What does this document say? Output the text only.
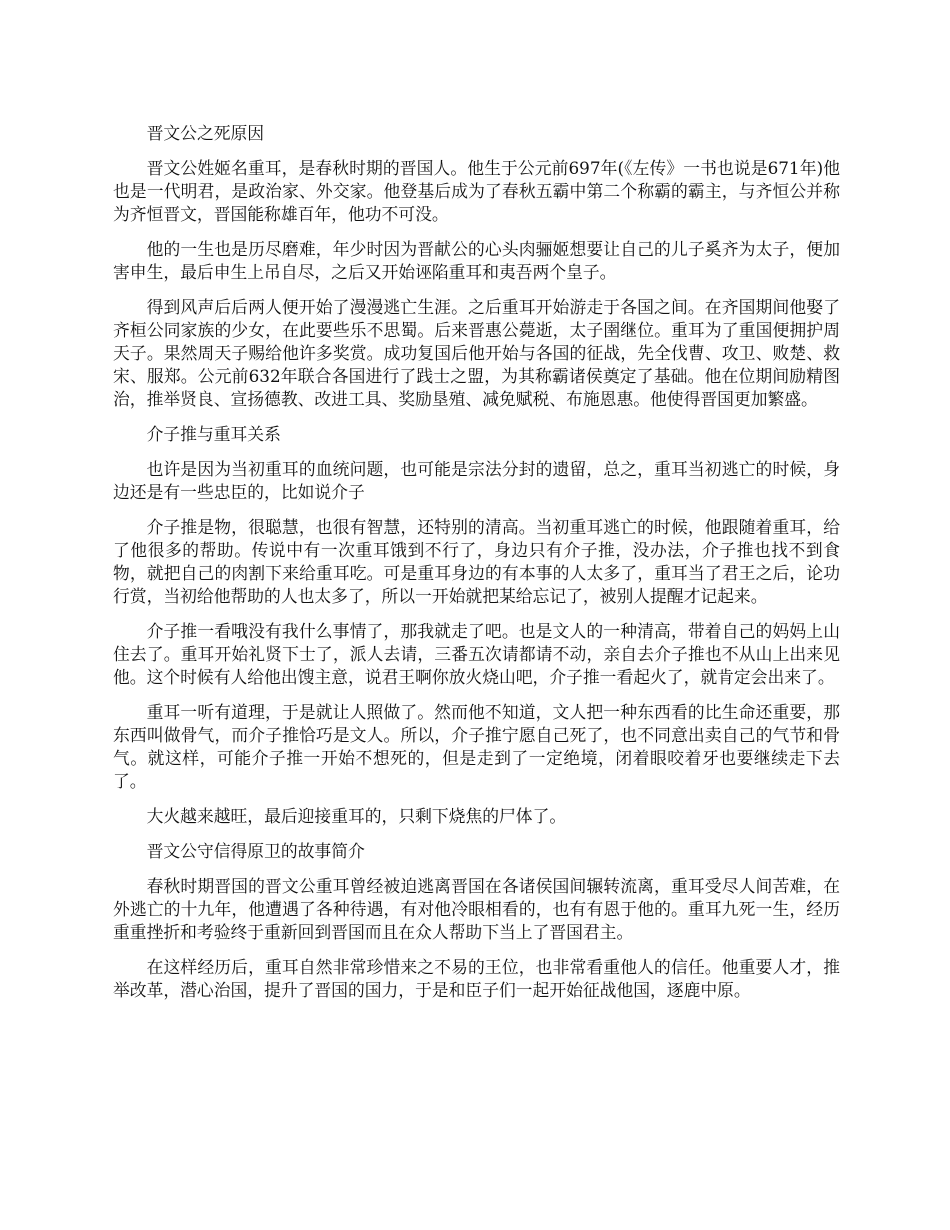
晋文公之死原因

晋文公姓姬名重耳，是春秋时期的晋国人。他生于公元前697年(《左传》一书也说是671年)他也是一代明君，是政治家、外交家。他登基后成为了春秋五霸中第二个称霸的霸主，与齐恒公并称为齐恒晋文，晋国能称雄百年，他功不可没。

他的一生也是历尽磨难，年少时因为晋献公的心头肉骊姬想要让自己的儿子奚齐为太子，便加害申生，最后申生上吊自尽，之后又开始诬陷重耳和夷吾两个皇子。

得到风声后后两人便开始了漫漫逃亡生涯。之后重耳开始游走于各国之间。在齐国期间他娶了齐桓公同家族的少女，在此要些乐不思蜀。后来晋惠公薨逝，太子圉继位。重耳为了重国便拥护周天子。果然周天子赐给他许多奖赏。成功复国后他开始与各国的征战，先全伐曹、攻卫、败楚、救宋、服郑。公元前632年联合各国进行了践士之盟，为其称霸诸侯奠定了基础。他在位期间励精图治，推举贤良、宣扬德教、改进工具、奖励垦殖、减免赋税、布施恩惠。他使得晋国更加繁盛。

介子推与重耳关系

也许是因为当初重耳的血统问题，也可能是宗法分封的遗留，总之，重耳当初逃亡的时候，身边还是有一些忠臣的，比如说介子

介子推是物，很聪慧，也很有智慧，还特别的清高。当初重耳逃亡的时候，他跟随着重耳，给了他很多的帮助。传说中有一次重耳饿到不行了，身边只有介子推，没办法，介子推也找不到食物，就把自己的肉割下来给重耳吃。可是重耳身边的有本事的人太多了，重耳当了君王之后，论功行赏，当初给他帮助的人也太多了，所以一开始就把某给忘记了，被别人提醒才记起来。

介子推一看哦没有我什么事情了，那我就走了吧。也是文人的一种清高，带着自己的妈妈上山住去了。重耳开始礼贤下士了，派人去请，三番五次请都请不动，亲自去介子推也不从山上出来见他。这个时候有人给他出馊主意，说君王啊你放火烧山吧，介子推一看起火了，就肯定会出来了。

重耳一听有道理，于是就让人照做了。然而他不知道，文人把一种东西看的比生命还重要，那东西叫做骨气，而介子推恰巧是文人。所以，介子推宁愿自己死了，也不同意出卖自己的气节和骨气。就这样，可能介子推一开始不想死的，但是走到了一定绝境，闭着眼咬着牙也要继续走下去了。

大火越来越旺，最后迎接重耳的，只剩下烧焦的尸体了。

晋文公守信得原卫的故事简介

春秋时期晋国的晋文公重耳曾经被迫逃离晋国在各诸侯国间辗转流离，重耳受尽人间苦难，在外逃亡的十九年，他遭遇了各种待遇，有对他冷眼相看的，也有有恩于他的。重耳九死一生，经历重重挫折和考验终于重新回到晋国而且在众人帮助下当上了晋国君主。

在这样经历后，重耳自然非常珍惜来之不易的王位，也非常看重他人的信任。他重要人才，推举改革，潜心治国，提升了晋国的国力，于是和臣子们一起开始征战他国，逐鹿中原。
